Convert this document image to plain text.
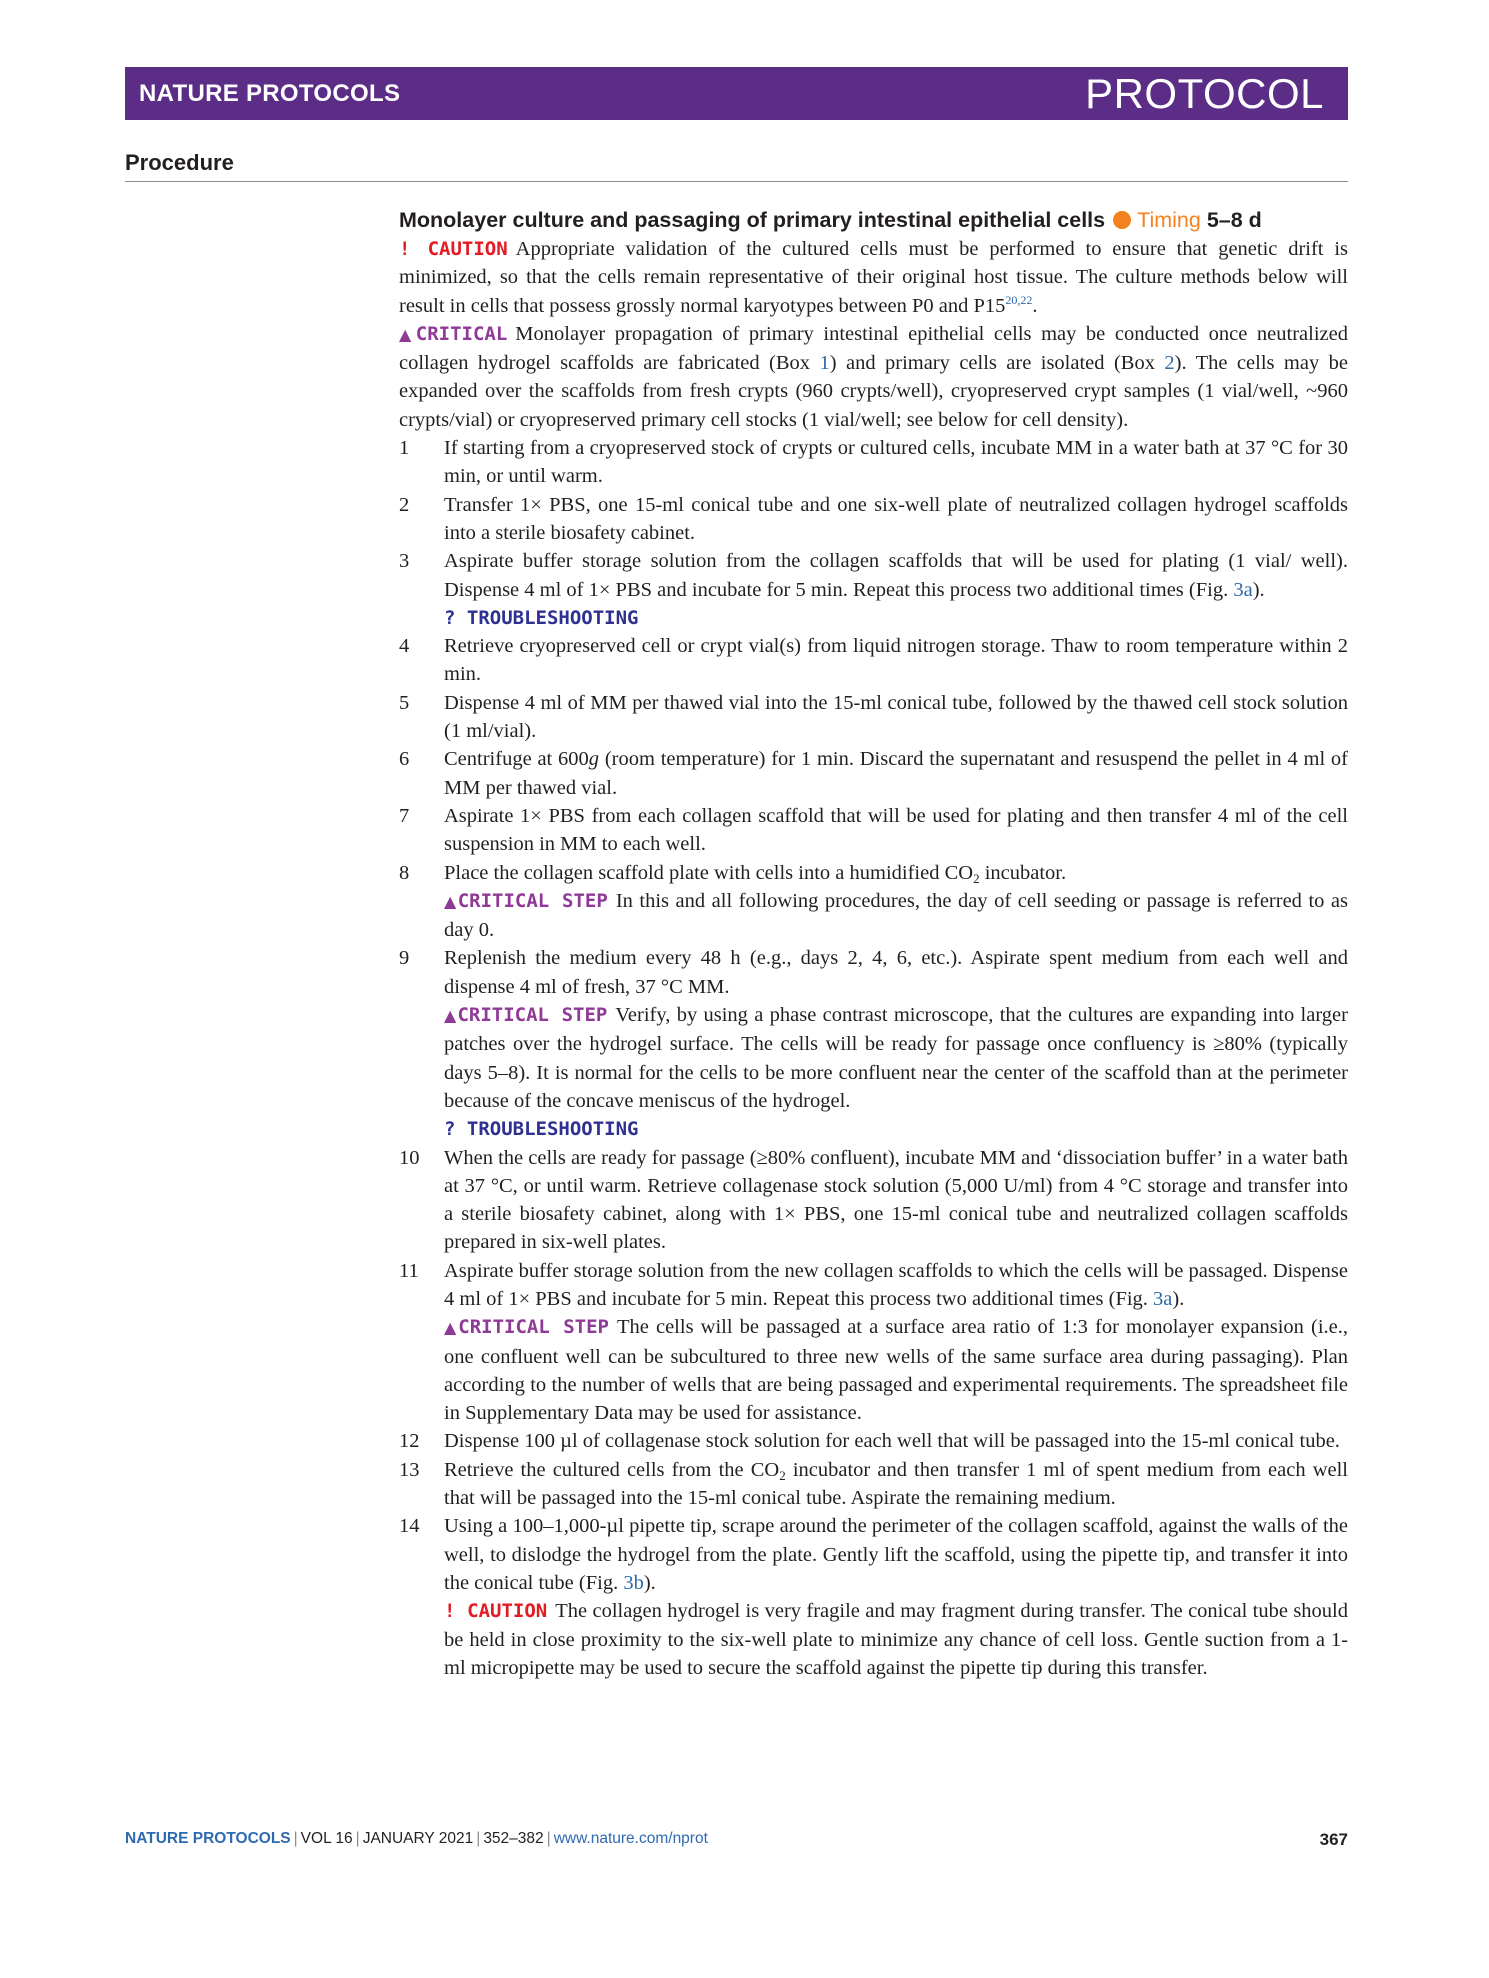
NATURE PROTOCOLS	PROTOCOL
Procedure
Monolayer culture and passaging of primary intestinal epithelial cells Timing 5–8 d

! CAUTION Appropriate validation of the cultured cells must be performed to ensure that genetic drift is minimized, so that the cells remain representative of their original host tissue. The culture methods below will result in cells that possess grossly normal karyotypes between P0 and P15$^{20,22}$.

▲CRITICAL Monolayer propagation of primary intestinal epithelial cells may be conducted once neutralized collagen hydrogel scaffolds are fabricated (Box 1) and primary cells are isolated (Box 2). The cells may be expanded over the scaffolds from fresh crypts (960 crypts/well), cryopreserved crypt samples (1 vial/well, ~960 crypts/vial) or cryopreserved primary cell stocks (1 vial/well; see below for cell density).

1	If starting from a cryopreserved stock of crypts or cultured cells, incubate MM in a water bath at 37 °C for 30 min, or until warm.
2	Transfer 1× PBS, one 15-ml conical tube and one six-well plate of neutralized collagen hydrogel scaffolds into a sterile biosafety cabinet.
3	Aspirate buffer storage solution from the collagen scaffolds that will be used for plating (1 vial/ well). Dispense 4 ml of 1× PBS and incubate for 5 min. Repeat this process two additional times (Fig. 3a).

? TROUBLESHOOTING
4	Retrieve cryopreserved cell or crypt vial(s) from liquid nitrogen storage. Thaw to room temperature within 2 min.
5	Dispense 4 ml of MM per thawed vial into the 15-ml conical tube, followed by the thawed cell stock solution (1 ml/vial).
6	Centrifuge at 600g (room temperature) for 1 min. Discard the supernatant and resuspend the pellet in 4 ml of MM per thawed vial.
7	Aspirate 1× PBS from each collagen scaffold that will be used for plating and then transfer 4 ml of the cell suspension in MM to each well.
8	Place the collagen scaffold plate with cells into a humidified $CO_2$ incubator.

▲CRITICAL STEP In this and all following procedures, the day of cell seeding or passage is referred to as day 0.

9	Replenish the medium every 48 h (e.g., days 2, 4, 6, etc.). Aspirate spent medium from each well and dispense 4 ml of fresh, 37 °C MM.

▲CRITICAL STEP Verify, by using a phase contrast microscope, that the cultures are expanding into larger patches over the hydrogel surface. The cells will be ready for passage once confluency is ≥80% (typically days 5–8). It is normal for the cells to be more confluent near the center of the scaffold than at the perimeter because of the concave meniscus of the hydrogel.

? TROUBLESHOOTING
10	When the cells are ready for passage (≥80% confluent), incubate MM and ‘dissociation buffer’ in a water bath at 37 °C, or until warm. Retrieve collagenase stock solution (5,000 U/ml) from 4 °C storage and transfer into a sterile biosafety cabinet, along with 1× PBS, one 15-ml conical tube and neutralized collagen scaffolds prepared in six-well plates.
11	Aspirate buffer storage solution from the new collagen scaffolds to which the cells will be passaged. Dispense 4 ml of 1× PBS and incubate for 5 min. Repeat this process two additional times (Fig. 3a).

▲CRITICAL STEP The cells will be passaged at a surface area ratio of 1:3 for monolayer expansion (i.e., one confluent well can be subcultured to three new wells of the same surface area during passaging). Plan according to the number of wells that are being passaged and experimental requirements. The spreadsheet file in Supplementary Data may be used for assistance.

12	Dispense 100 µl of collagenase stock solution for each well that will be passaged into the 15-ml conical tube.
13	Retrieve the cultured cells from the $CO_2$ incubator and then transfer 1 ml of spent medium from each well that will be passaged into the 15-ml conical tube. Aspirate the remaining medium.
14	Using a 100–1,000-µl pipette tip, scrape around the perimeter of the collagen scaffold, against the walls of the well, to dislodge the hydrogel from the plate. Gently lift the scaffold, using the pipette tip, and transfer it into the conical tube (Fig. 3b).

! CAUTION The collagen hydrogel is very fragile and may fragment during transfer. The conical tube should be held in close proximity to the six-well plate to minimize any chance of cell loss. Gentle suction from a 1-ml micropipette may be used to secure the scaffold against the pipette tip during this transfer.

NATURE PROTOCOLS | VOL 16 | JANUARY 2021 | 352–382 | www.nature.com/nprot	367
